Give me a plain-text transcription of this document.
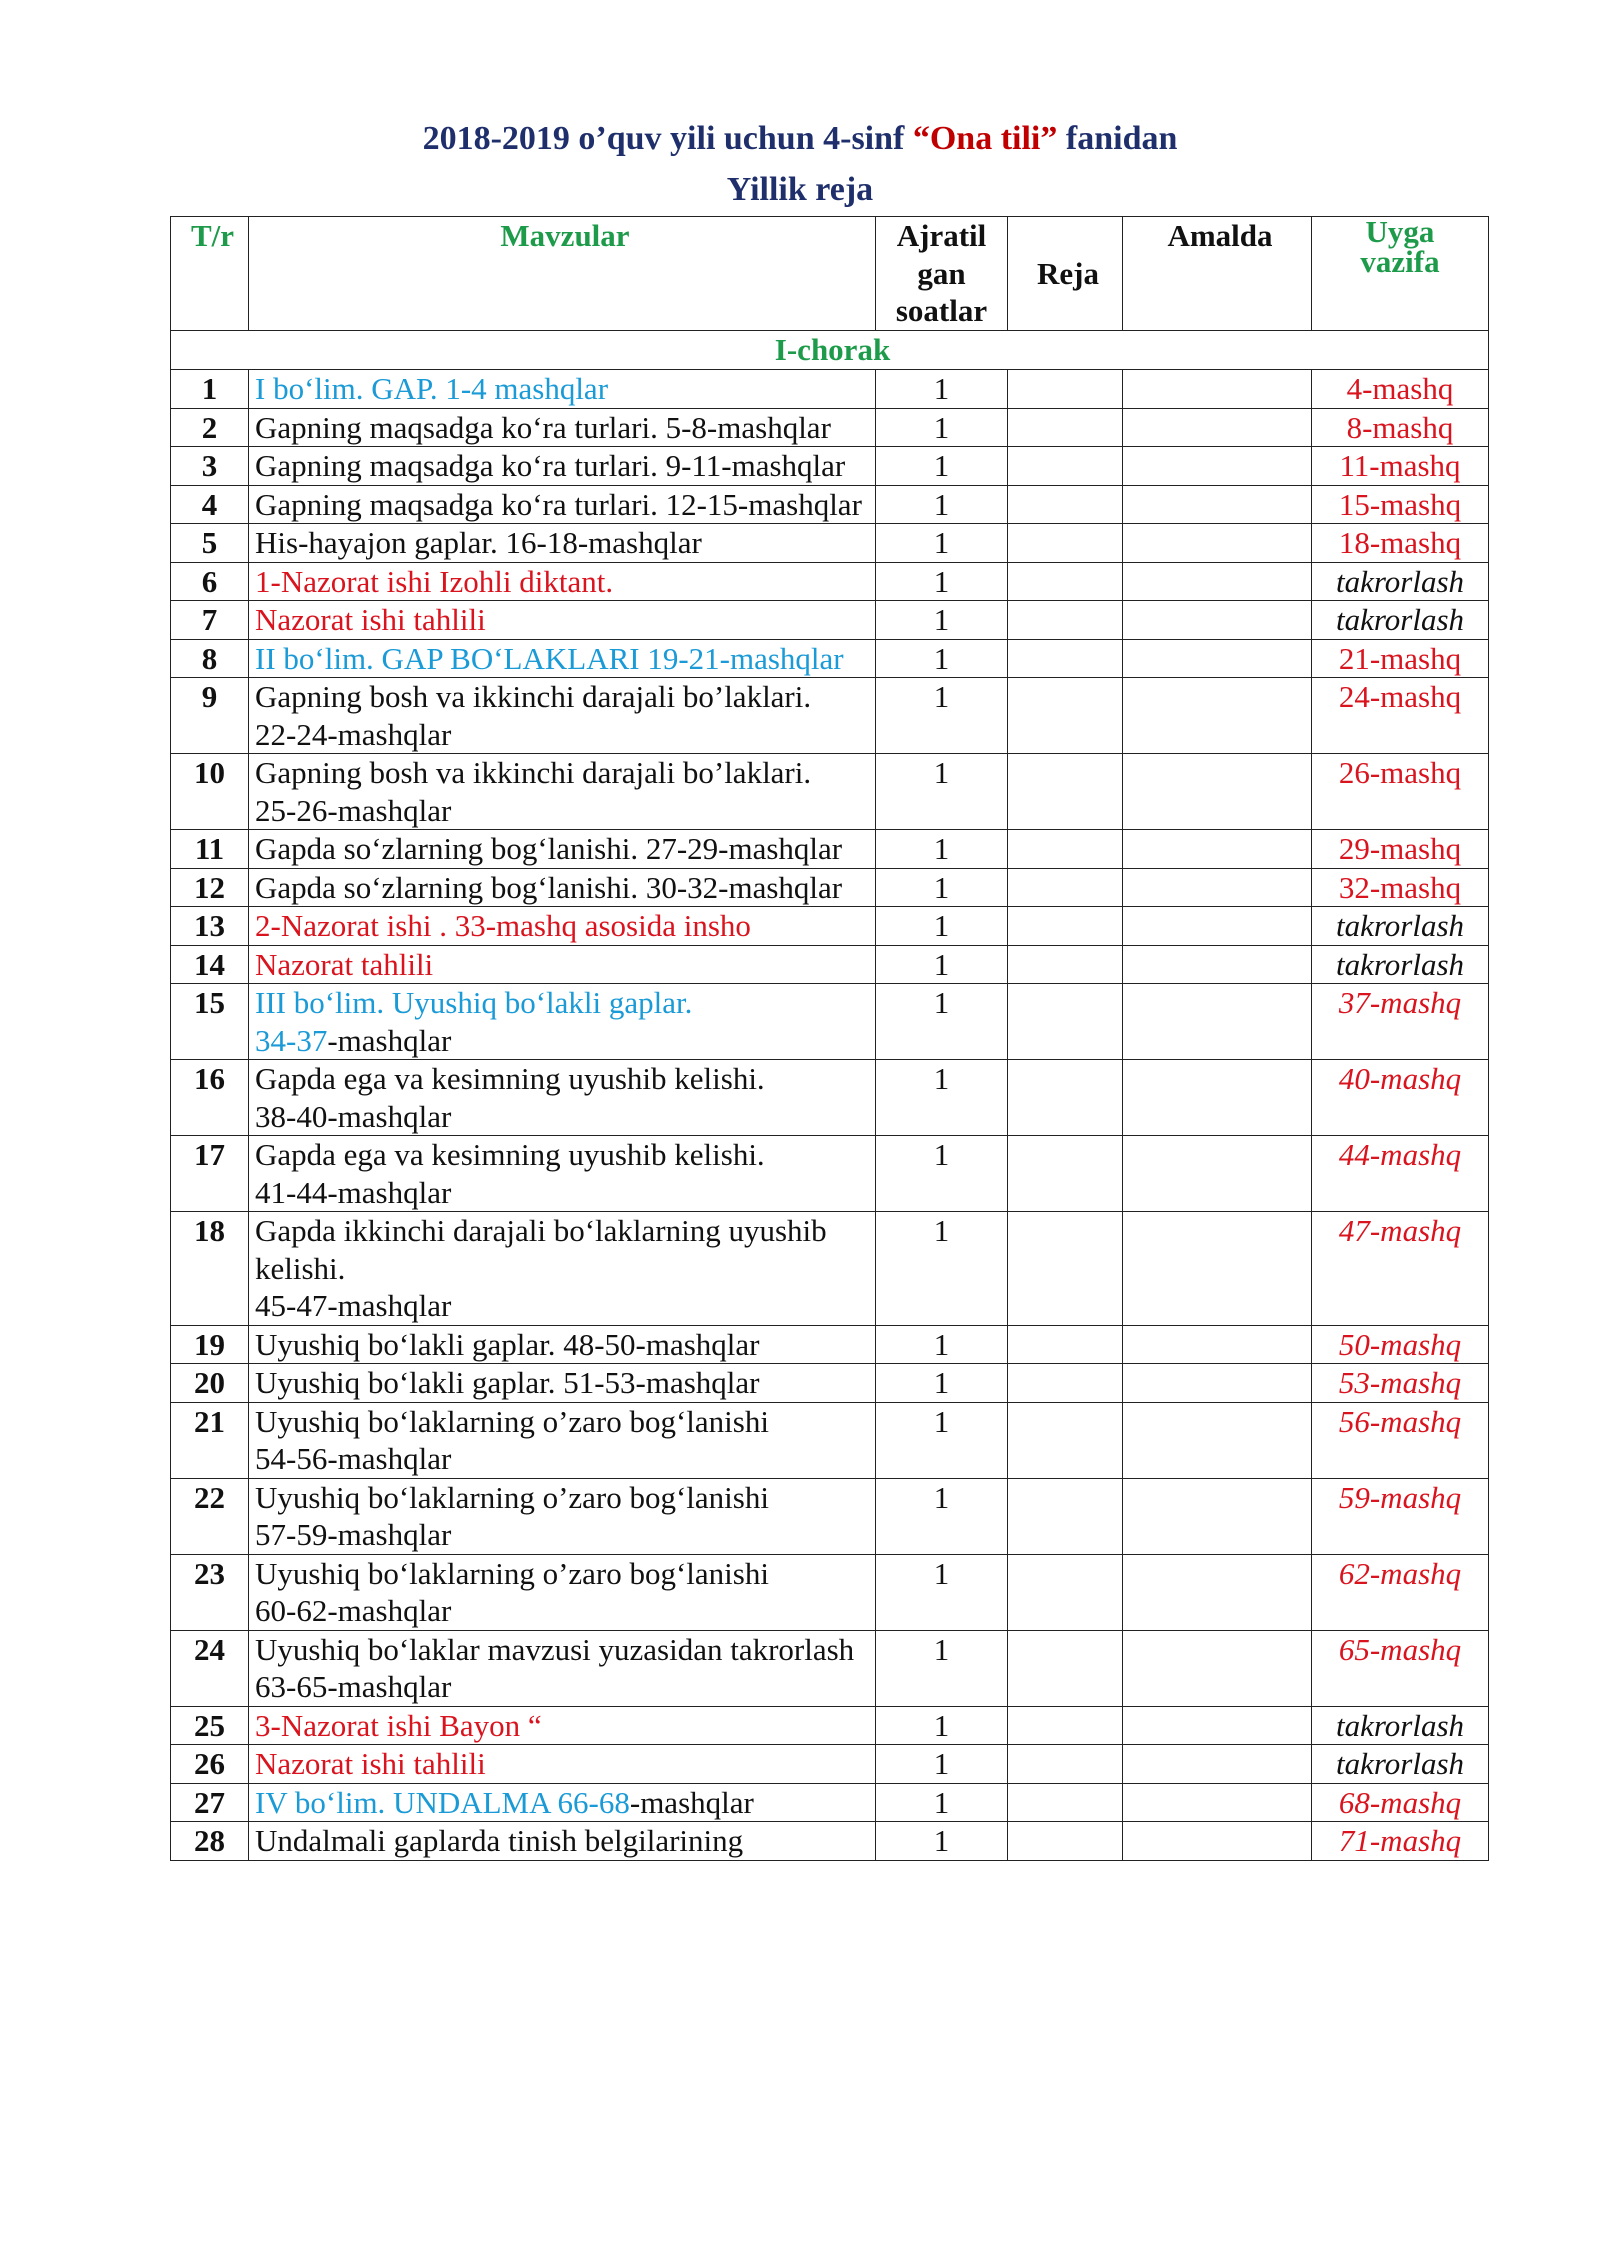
2018-2019 o’quv yili uchun 4-sinf “Ona tili” fanidan
Yillik reja
T/r	Mavzular	Ajratil gan soatlar	Reja	Amalda	Uyga vazifa
I-chorak					
1	I bo‘lim. GAP. 1-4 mashqlar	1			4-mashq
2	Gapning maqsadga ko‘ra turlari. 5-8-mashqlar	1			8-mashq
3	Gapning maqsadga ko‘ra turlari. 9-11-mashqlar	1			11-mashq
4	Gapning maqsadga ko‘ra turlari. 12-15-mashqlar	1			15-mashq
5	His-hayajon gaplar. 16-18-mashqlar	1			18-mashq
6	1-Nazorat ishi Izohli diktant.	1			takrorlash
7	Nazorat ishi tahlili	1			takrorlash
8	II bo‘lim. GAP BO‘LAKLARI 19-21-mashqlar	1			21-mashq
9	Gapning bosh va ikkinchi darajali bo’laklari.
22-24-mashqlar	1			24-mashq
10	Gapning bosh va ikkinchi darajali bo’laklari.
25-26-mashqlar	1			26-mashq
11	Gapda so‘zlarning bog‘lanishi. 27-29-mashqlar	1			29-mashq
12	Gapda so‘zlarning bog‘lanishi. 30-32-mashqlar	1			32-mashq
13	2-Nazorat ishi . 33-mashq asosida insho	1			takrorlash
14	Nazorat tahlili	1			takrorlash
15	III bo‘lim. Uyushiq bo‘lakli gaplar.
34-37-mashqlar	1			37-mashq
16	Gapda ega va kesimning uyushib kelishi.
38-40-mashqlar	1			40-mashq
17	Gapda ega va kesimning uyushib kelishi.
41-44-mashqlar	1			44-mashq
18	Gapda ikkinchi darajali bo‘laklarning uyushib kelishi.
45-47-mashqlar	1			47-mashq
19	Uyushiq bo‘lakli gaplar. 48-50-mashqlar	1			50-mashq
20	Uyushiq bo‘lakli gaplar. 51-53-mashqlar	1			53-mashq
21	Uyushiq bo‘laklarning o’zaro bog‘lanishi
54-56-mashqlar	1			56-mashq
22	Uyushiq bo‘laklarning o’zaro bog‘lanishi
57-59-mashqlar	1			59-mashq
23	Uyushiq bo‘laklarning o’zaro bog‘lanishi
60-62-mashqlar	1			62-mashq
24	Uyushiq bo‘laklar mavzusi yuzasidan takrorlash
63-65-mashqlar	1			65-mashq
25	3-Nazorat ishi Bayon “	1			takrorlash
26	Nazorat ishi tahlili	1			takrorlash
27	IV bo‘lim. UNDALMA 66-68-mashqlar	1			68-mashq
28	Undalmali gaplarda tinish belgilarining	1			71-mashq
